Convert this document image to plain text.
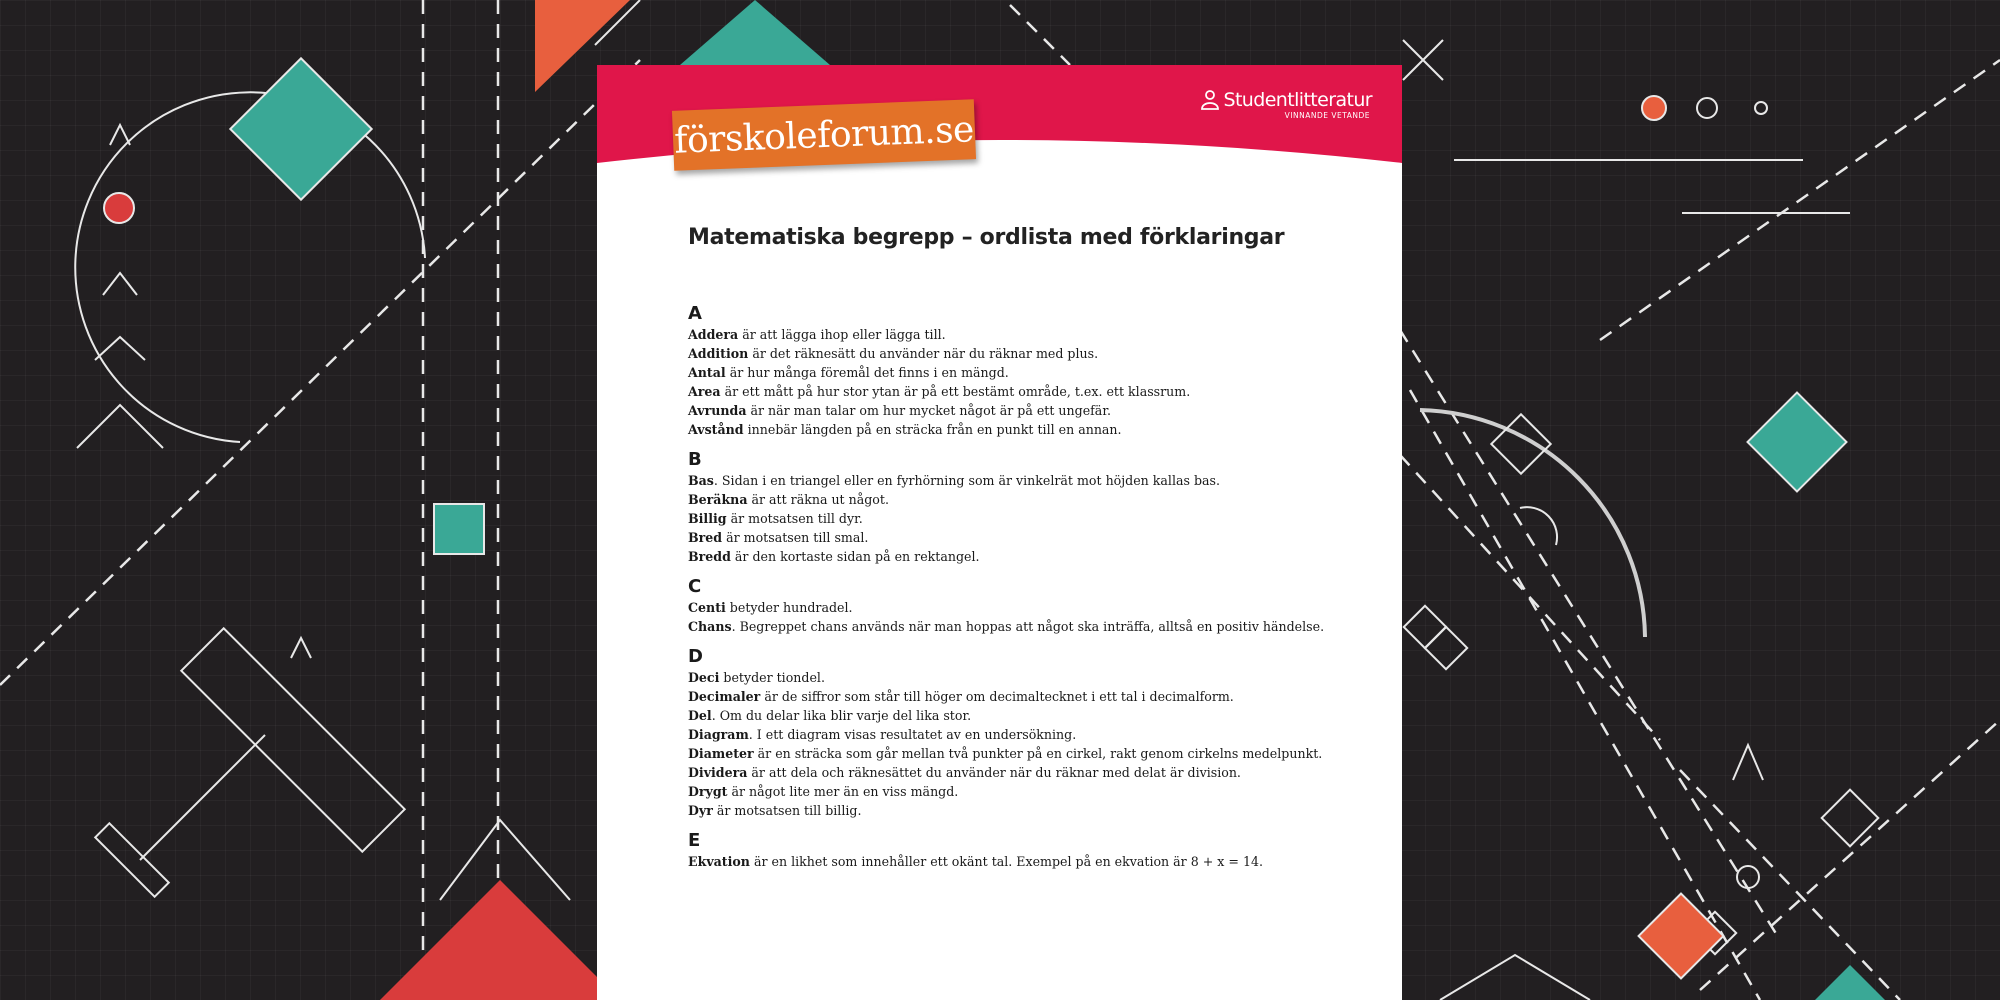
förskoleforum.se
Studentlitteratur
VINNANDE VETANDE
Matematiska begrepp – ordlista med förklaringar
A
Addera är att lägga ihop eller lägga till.
Addition är det räknesätt du använder när du räknar med plus.
Antal är hur många föremål det finns i en mängd.
Area är ett mått på hur stor ytan är på ett bestämt område, t.ex. ett klassrum.
Avrunda är när man talar om hur mycket något är på ett ungefär.
Avstånd innebär längden på en sträcka från en punkt till en annan.
B
Bas. Sidan i en triangel eller en fyrhörning som är vinkelrät mot höjden kallas bas.
Beräkna är att räkna ut något.
Billig är motsatsen till dyr.
Bred är motsatsen till smal.
Bredd är den kortaste sidan på en rektangel.
C
Centi betyder hundradel.
Chans. Begreppet chans används när man hoppas att något ska inträffa, alltså en positiv händelse.
D
Deci betyder tiondel.
Decimaler är de siffror som står till höger om decimaltecknet i ett tal i decimalform.
Del. Om du delar lika blir varje del lika stor.
Diagram. I ett diagram visas resultatet av en undersökning.
Diameter är en sträcka som går mellan två punkter på en cirkel, rakt genom cirkelns medelpunkt.
Dividera är att dela och räknesättet du använder när du räknar med delat är division.
Drygt är något lite mer än en viss mängd.
Dyr är motsatsen till billig.
E
Ekvation är en likhet som innehåller ett okänt tal. Exempel på en ekvation är 8 + x = 14.
